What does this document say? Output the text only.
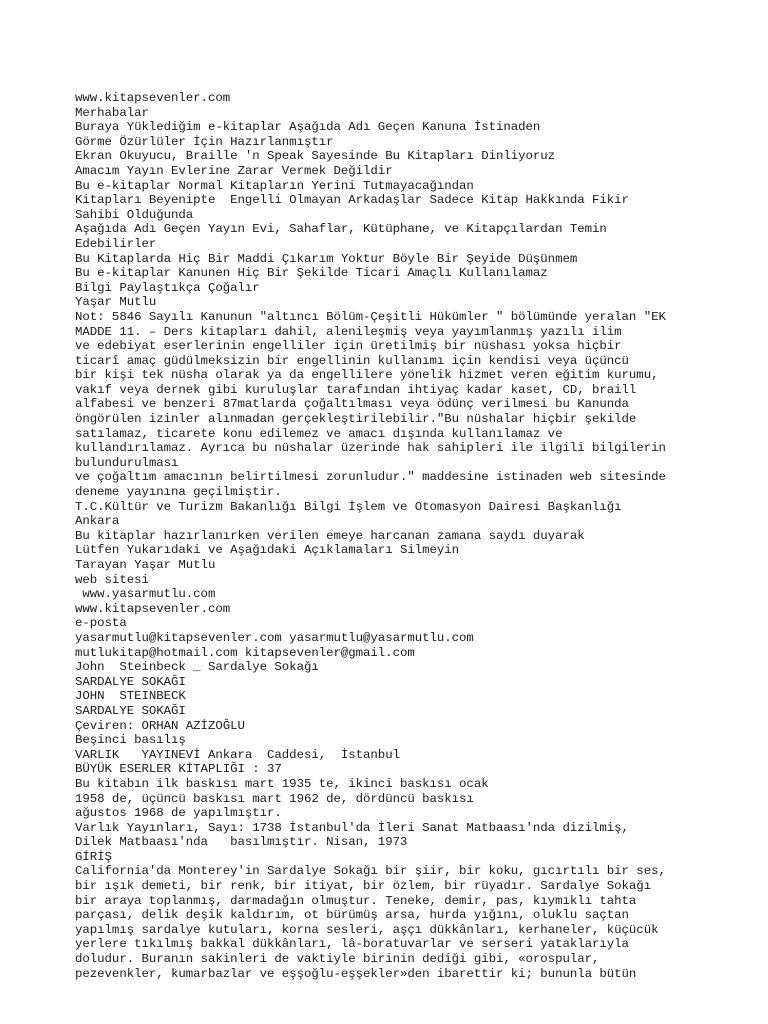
www.kitapsevenler.com
Merhabalar
Buraya Yüklediğim e-kitaplar Aşağıda Adı Geçen Kanuna İstinaden
Görme Özürlüler İçin Hazırlanmıştır
Ekran Okuyucu, Braille 'n Speak Sayesinde Bu Kitapları Dinliyoruz
Amacım Yayın Evlerine Zarar Vermek Değildir
Bu e-kitaplar Normal Kitapların Yerini Tutmayacağından
Kitapları Beyenipte  Engelli Olmayan Arkadaşlar Sadece Kitap Hakkında Fikir
Sahibi Olduğunda
Aşağıda Adı Geçen Yayın Evi, Sahaflar, Kütüphane, ve Kitapçılardan Temin
Edebilirler
Bu Kitaplarda Hiç Bir Maddi Çıkarım Yoktur Böyle Bir Şeyide Düşünmem
Bu e-kitaplar Kanunen Hiç Bir Şekilde Ticari Amaçlı Kullanılamaz
Bilgi Paylaştıkça Çoğalır
Yaşar Mutlu
Not: 5846 Sayılı Kanunun "altıncı Bölüm-Çeşitli Hükümler " bölümünde yeralan "EK
MADDE 11. – Ders kitapları dahil, alenileşmiş veya yayımlanmış yazılı ilim
ve edebiyat eserlerinin engelliler için üretilmiş bir nüshası yoksa hiçbir
ticarî amaç güdülmeksizin bir engellinin kullanımı için kendisi veya üçüncü
bir kişi tek nüsha olarak ya da engellilere yönelik hizmet veren eğitim kurumu,
vakıf veya dernek gibi kuruluşlar tarafından ihtiyaç kadar kaset, CD, braill
alfabesi ve benzeri 87matlarda çoğaltılması veya ödünç verilmesi bu Kanunda
öngörülen izinler alınmadan gerçekleştirilebilir."Bu nüshalar hiçbir şekilde
satılamaz, ticarete konu edilemez ve amacı dışında kullanılamaz ve
kullandırılamaz. Ayrıca bu nüshalar üzerinde hak sahipleri ile ilgili bilgilerin
bulundurulması
ve çoğaltım amacının belirtilmesi zorunludur." maddesine istinaden web sitesinde
deneme yayınına geçilmiştir.
T.C.Kültür ve Turizm Bakanlığı Bilgi İşlem ve Otomasyon Dairesi Başkanlığı
Ankara
Bu kitaplar hazırlanırken verilen emeye harcanan zamana saydı duyarak
Lütfen Yukarıdaki ve Aşağıdaki Açıklamaları Silmeyin
Tarayan Yaşar Mutlu
web sitesi
www.yasarmutlu.com
www.kitapsevenler.com
e-posta
yasarmutlu@kitapsevenler.com yasarmutlu@yasarmutlu.com
mutlukitap@hotmail.com kitapsevenler@gmail.com
John  Steinbeck _ Sardalye Sokağı
SARDALYE SOKAĞI
JOHN  STEINBECK
SARDALYE SOKAĞI
Çeviren: ORHAN AZİZOĞLU
Beşinci basılış
VARLIK   YAYINEVİ Ankara  Caddesi,  İstanbul
BÜYÜK ESERLER KİTAPLIĞI : 37
Bu kitabın ilk baskısı mart 1935 te, ikinci baskısı ocak
1958 de, üçüncü baskısı mart 1962 de, dördüncü baskısı
ağustos 1968 de yapılmıştır.
Varlık Yayınları, Sayı: 1738 İstanbul'da İleri Sanat Matbaası'nda dizilmiş,
Dilek Matbaası'nda   basılmıştır. Nisan, 1973
GİRİŞ
California'da Monterey'in Sardalye Sokağı bir şiir, bir koku, gıcırtılı bir ses,
bir ışık demeti, bir renk, bir itiyat, bir özlem, bir rüyadır. Sardalye Sokağı
bir araya toplanmış, darmadağın olmuştur. Teneke, demir, pas, kıymıklı tahta
parçası, delik deşik kaldırım, ot bürümüş arsa, hurda yığını, oluklu saçtan
yapılmış sardalye kutuları, korna sesleri, aşçı dükkânları, kerhaneler, küçücük
yerlere tıkılmış bakkal dükkânları, lâ-boratuvarlar ve serseri yataklarıyla
doludur. Buranın sakinleri de vaktiyle birinin dediği gibi, «orospular,
pezevenkler, kumarbazlar ve eşşoğlu-eşşekler»den ibarettir ki; bununla bütün
